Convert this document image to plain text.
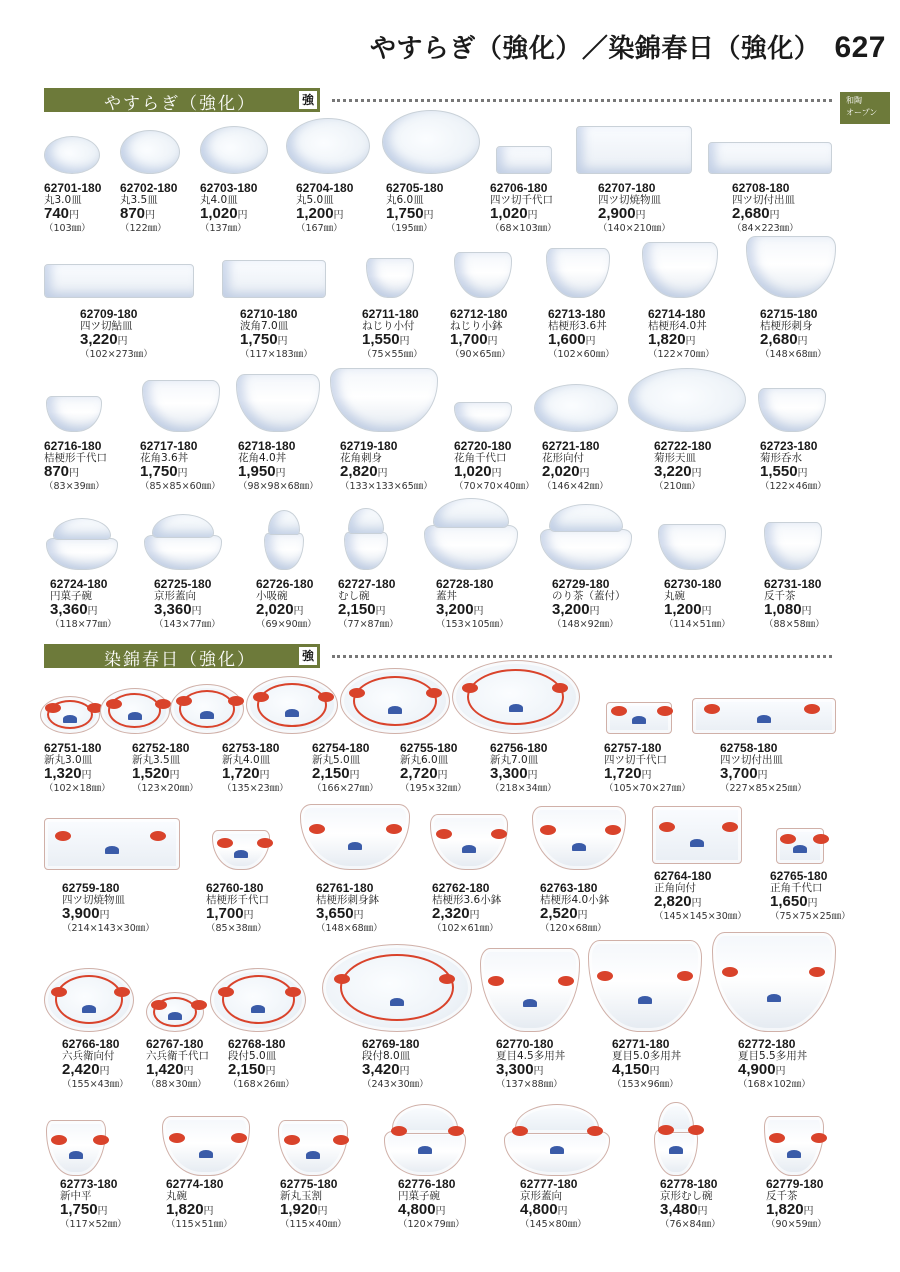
やすらぎ（強化）／染錦春日（強化） 627
和陶
オープン
やすらぎ（強化）	強
染錦春日（強化）	強
62701-180
丸3.0皿
740円
（103㎜）
62702-180
丸3.5皿
870円
（122㎜）
62703-180
丸4.0皿
1,020円
（137㎜）
62704-180
丸5.0皿
1,200円
（167㎜）
62705-180
丸6.0皿
1,750円
（195㎜）
62706-180
四ツ切千代口
1,020円
（68×103㎜）
62707-180
四ツ切焼物皿
2,900円
（140×210㎜）
62708-180
四ツ切付出皿
2,680円
（84×223㎜）
62709-180
四ツ切鮎皿
3,220円
（102×273㎜）
62710-180
波角7.0皿
1,750円
（117×183㎜）
62711-180
ねじり小付
1,550円
（75×55㎜）
62712-180
ねじり小鉢
1,700円
（90×65㎜）
62713-180
桔梗形3.6丼
1,600円
（102×60㎜）
62714-180
桔梗形4.0丼
1,820円
（122×70㎜）
62715-180
桔梗形刺身
2,680円
（148×68㎜）
62716-180
桔梗形千代口
870円
（83×39㎜）
62717-180
花角3.6丼
1,750円
（85×85×60㎜）
62718-180
花角4.0丼
1,950円
（98×98×68㎜）
62719-180
花角刺身
2,820円
（133×133×65㎜）
62720-180
花角千代口
1,020円
（70×70×40㎜）
62721-180
花形向付
2,020円
（146×42㎜）
62722-180
菊形天皿
3,220円
（210㎜）
62723-180
菊形呑水
1,550円
（122×46㎜）
62724-180
円菓子碗
3,360円
（118×77㎜）
62725-180
京形蓋向
3,360円
（143×77㎜）
62726-180
小吸碗
2,020円
（69×90㎜）
62727-180
むし碗
2,150円
（77×87㎜）
62728-180
蓋丼
3,200円
（153×105㎜）
62729-180
のり茶（蓋付）
3,200円
（148×92㎜）
62730-180
丸碗
1,200円
（114×51㎜）
62731-180
反千茶
1,080円
（88×58㎜）
62751-180
新丸3.0皿
1,320円
（102×18㎜）
62752-180
新丸3.5皿
1,520円
（123×20㎜）
62753-180
新丸4.0皿
1,720円
（135×23㎜）
62754-180
新丸5.0皿
2,150円
（166×27㎜）
62755-180
新丸6.0皿
2,720円
（195×32㎜）
62756-180
新丸7.0皿
3,300円
（218×34㎜）
62757-180
四ツ切千代口
1,720円
（105×70×27㎜）
62758-180
四ツ切付出皿
3,700円
（227×85×25㎜）
62759-180
四ツ切焼物皿
3,900円
（214×143×30㎜）
62760-180
桔梗形千代口
1,700円
（85×38㎜）
62761-180
桔梗形刺身鉢
3,650円
（148×68㎜）
62762-180
桔梗形3.6小鉢
2,320円
（102×61㎜）
62763-180
桔梗形4.0小鉢
2,520円
（120×68㎜）
62764-180
正角向付
2,820円
（145×145×30㎜）
62765-180
正角千代口
1,650円
（75×75×25㎜）
62766-180
六兵衛向付
2,420円
（155×43㎜）
62767-180
六兵衛千代口
1,420円
（88×30㎜）
62768-180
段付5.0皿
2,150円
（168×26㎜）
62769-180
段付8.0皿
3,420円
（243×30㎜）
62770-180
夏目4.5多用丼
3,300円
（137×88㎜）
62771-180
夏目5.0多用丼
4,150円
（153×96㎜）
62772-180
夏目5.5多用丼
4,900円
（168×102㎜）
62773-180
新中平
1,750円
（117×52㎜）
62774-180
丸碗
1,820円
（115×51㎜）
62775-180
新丸玉割
1,920円
（115×40㎜）
62776-180
円菓子碗
4,800円
（120×79㎜）
62777-180
京形蓋向
4,800円
（145×80㎜）
62778-180
京形むし碗
3,480円
（76×84㎜）
62779-180
反千茶
1,820円
（90×59㎜）
